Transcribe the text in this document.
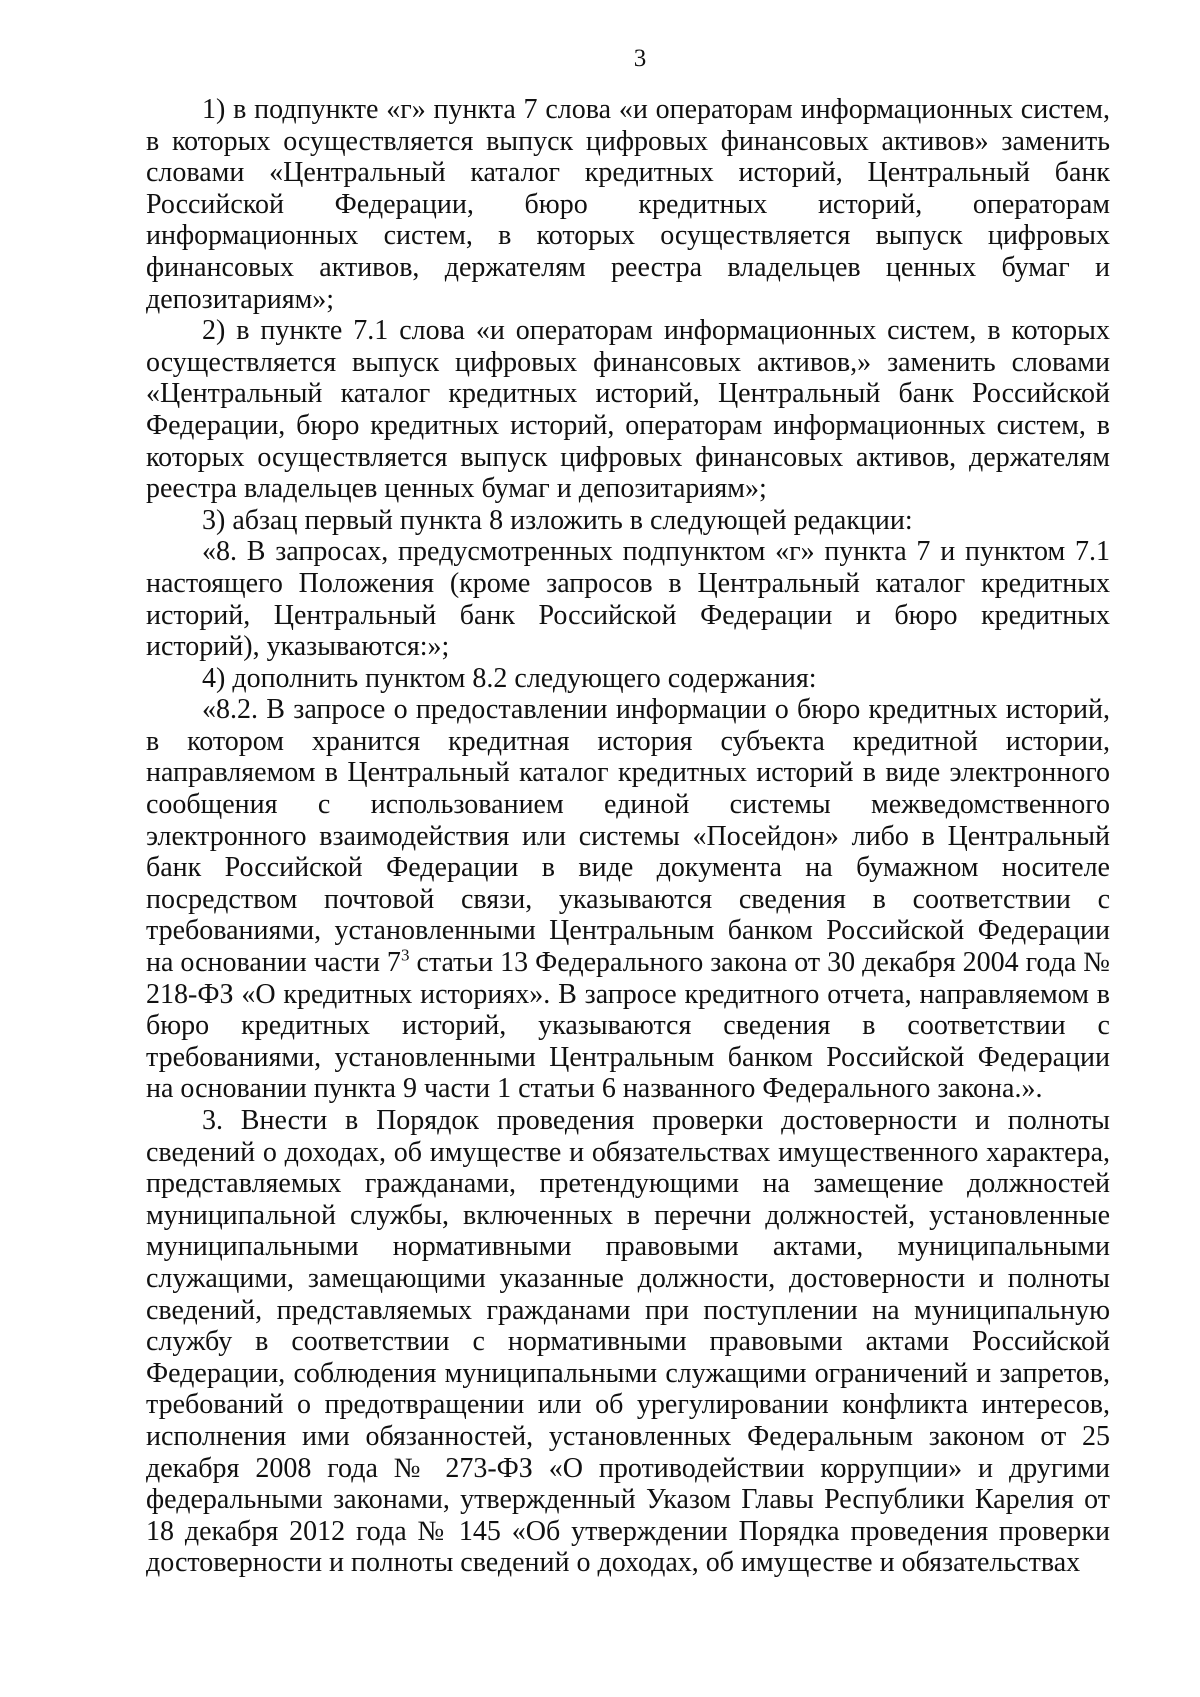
3

1) в подпункте «г» пункта 7 слова «и операторам информационных систем, в которых осуществляется выпуск цифровых финансовых активов» заменить словами «Центральный каталог кредитных историй, Центральный банк Российской Федерации, бюро кредитных историй, операторам информационных систем, в которых осуществляется выпуск цифровых финансовых активов, держателям реестра владельцев ценных бумаг и депозитариям»;

2) в пункте 7.1 слова «и операторам информационных систем, в которых осуществляется выпуск цифровых финансовых активов,» заменить словами «Центральный каталог кредитных историй, Центральный банк Российской Федерации, бюро кредитных историй, операторам информационных систем, в которых осуществляется выпуск цифровых финансовых активов, держателям реестра владельцев ценных бумаг и депозитариям»;

3) абзац первый пункта 8 изложить в следующей редакции:

«8. В запросах, предусмотренных подпунктом «г» пункта 7 и пунктом 7.1 настоящего Положения (кроме запросов в Центральный каталог кредитных историй, Центральный банк Российской Федерации и бюро кредитных историй), указываются:»;

4) дополнить пунктом 8.2 следующего содержания:

«8.2. В запросе о предоставлении информации о бюро кредитных историй, в котором хранится кредитная история субъекта кредитной истории, направляемом в Центральный каталог кредитных историй в виде электронного сообщения с использованием единой системы межведомственного электронного взаимодействия или системы «Посейдон» либо в Центральный банк Российской Федерации в виде документа на бумажном носителе посредством почтовой связи, указываются сведения в соответствии с требованиями, установленными Центральным банком Российской Федерации на основании части $7^3$ статьи 13 Федерального закона от 30 декабря 2004 года № 218-ФЗ «О кредитных историях». В запросе кредитного отчета, направляемом в бюро кредитных историй, указываются сведения в соответствии с требованиями, установленными Центральным банком Российской Федерации на основании пункта 9 части 1 статьи 6 названного Федерального закона.».

3. Внести в Порядок проведения проверки достоверности и полноты сведений о доходах, об имуществе и обязательствах имущественного характера, представляемых гражданами, претендующими на замещение должностей муниципальной службы, включенных в перечни должностей, установленные муниципальными нормативными правовыми актами, муниципальными служащими, замещающими указанные должности, достоверности и полноты сведений, представляемых гражданами при поступлении на муниципальную службу в соответствии с нормативными правовыми актами Российской Федерации, соблюдения муниципальными служащими ограничений и запретов, требований о предотвращении или об урегулировании конфликта интересов, исполнения ими обязанностей, установленных Федеральным законом от 25 декабря 2008 года № 273-ФЗ «О противодействии коррупции» и другими федеральными законами, утвержденный Указом Главы Республики Карелия от 18 декабря 2012 года № 145 «Об утверждении Порядка проведения проверки достоверности и полноты сведений о доходах, об имуществе и обязательствах
